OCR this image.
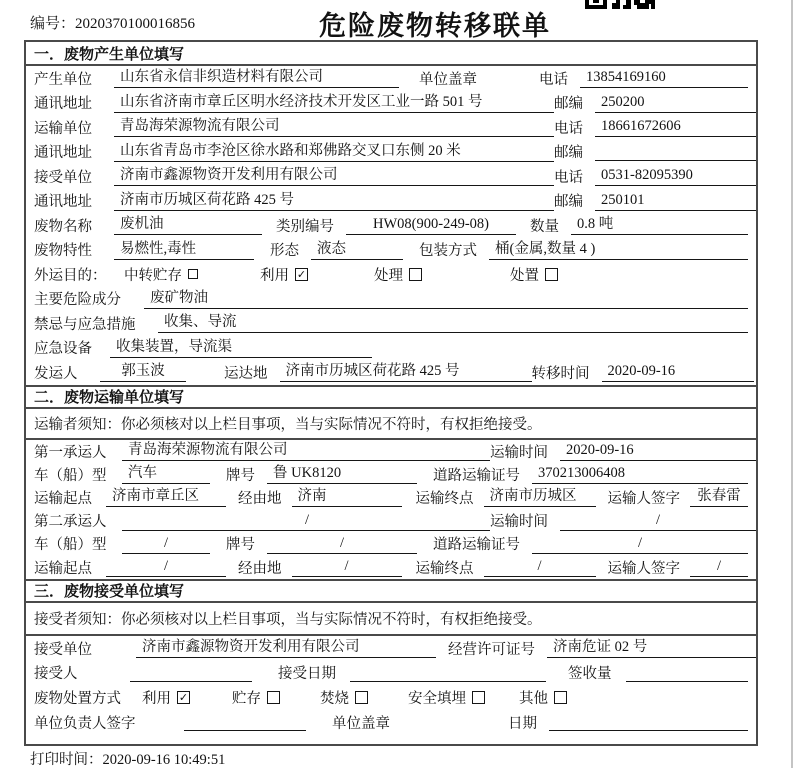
编号：2020370100016856	危险废物转移联单
一．废物产生单位填写
产生单位	山东省永信非织造材料有限公司	单位盖章	电话	13854169160
通讯地址	山东省济南市章丘区明水经济技术开发区工业一路 501 号	邮编	250200
运输单位	青岛海荣源物流有限公司	电话	18661672606
通讯地址	山东省青岛市李沧区徐水路和郑佛路交叉口东侧 20 米	邮编
接受单位	济南市鑫源物资开发利用有限公司	电话	0531-82095390
通讯地址	济南市历城区荷花路 425 号	邮编	250101
废物名称	废机油	类别编号	HW08(900-249-08)	数量	0.8 吨
废物特性	易燃性,毒性	形态	液态	包装方式	桶(金属,数量 4 )
外运目的：	中转贮存	利用 ✓	处理	处置
主要危险成分	废矿物油
禁忌与应急措施	收集、导流
应急设备	收集装置，导流渠
发运人	郭玉波	运达地	济南市历城区荷花路 425 号	转移时间	2020-09-16
二．废物运输单位填写
运输者须知：你必须核对以上栏目事项，当与实际情况不符时，有权拒绝接受。
第一承运人	青岛海荣源物流有限公司	运输时间	2020-09-16
车（船）型	汽车	牌号	鲁 UK8120	道路运输证号	370213006408
运输起点	济南市章丘区	经由地	济南	运输终点	济南市历城区	运输人签字	张春雷
第二承运人	/	运输时间	/
车（船）型	/	牌号	/	道路运输证号	/
运输起点	/	经由地	/	运输终点	/	运输人签字	/
三．废物接受单位填写
接受者须知：你必须核对以上栏目事项，当与实际情况不符时，有权拒绝接受。
接受单位	济南市鑫源物资开发利用有限公司	经营许可证号	济南危证 02 号
接受人	接受日期	签收量
废物处置方式	利用 ✓	贮存	焚烧	安全填埋	其他
单位负责人签字	单位盖章	日期
打印时间：2020-09-16 10:49:51
